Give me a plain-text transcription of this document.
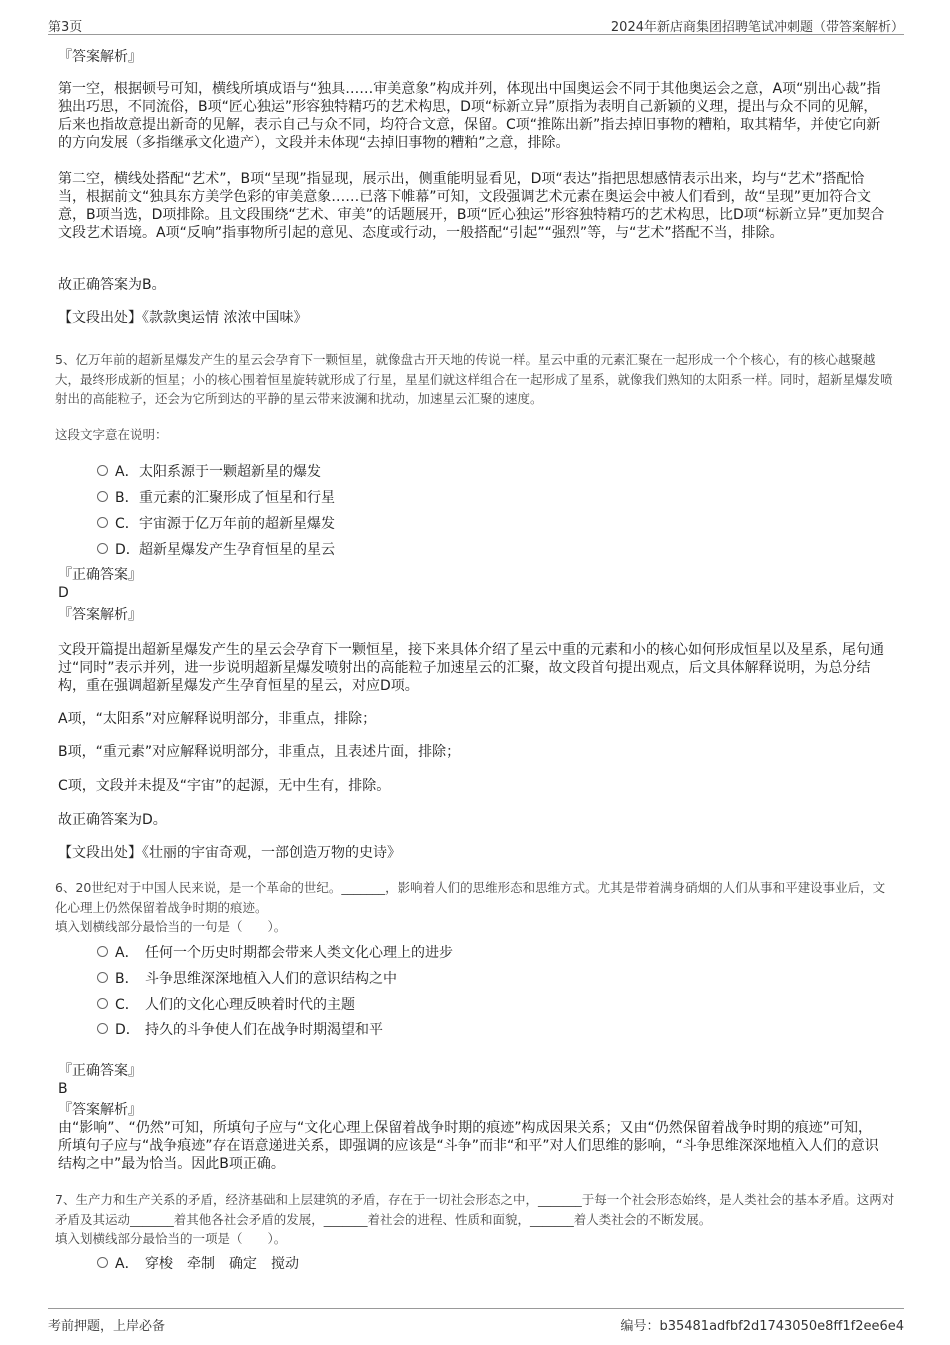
第3页	2024年新店商集团招聘笔试冲刺题（带答案解析）
『答案解析』
第一空，根据顿号可知，横线所填成语与“独具……审美意象”构成并列，体现出中国奥运会不同于其他奥运会之意，A项“别出心裁”指独出巧思，不同流俗，B项“匠心独运”形容独特精巧的艺术构思，D项“标新立异”原指为表明自己新颖的义理，提出与众不同的见解，后来也指故意提出新奇的见解，表示自己与众不同，均符合文意，保留。C项“推陈出新”指去掉旧事物的糟粕，取其精华，并使它向新的方向发展（多指继承文化遗产），文段并未体现“去掉旧事物的糟粕”之意，排除。
第二空，横线处搭配“艺术”，B项“呈现”指显现，展示出，侧重能明显看见，D项“表达”指把思想感情表示出来，均与“艺术”搭配恰当，根据前文“独具东方美学色彩的审美意象……已落下帷幕”可知，文段强调艺术元素在奥运会中被人们看到，故“呈现”更加符合文意，B项当选，D项排除。且文段围绕“艺术、审美”的话题展开，B项“匠心独运”形容独特精巧的艺术构思，比D项“标新立异”更加契合文段艺术语境。A项“反响”指事物所引起的意见、态度或行动，一般搭配“引起”“强烈”等，与“艺术”搭配不当，排除。
故正确答案为B。
【文段出处】《款款奥运情 浓浓中国味》
5、亿万年前的超新星爆发产生的星云会孕育下一颗恒星，就像盘古开天地的传说一样。星云中重的元素汇聚在一起形成一个个核心，有的核心越聚越大，最终形成新的恒星；小的核心围着恒星旋转就形成了行星，星星们就这样组合在一起形成了星系，就像我们熟知的太阳系一样。同时，超新星爆发喷射出的高能粒子，还会为它所到达的平静的星云带来波澜和扰动，加速星云汇聚的速度。
这段文字意在说明：
A． 太阳系源于一颗超新星的爆发
B． 重元素的汇聚形成了恒星和行星
C． 宇宙源于亿万年前的超新星爆发
D． 超新星爆发产生孕育恒星的星云
『正确答案』
D
『答案解析』
文段开篇提出超新星爆发产生的星云会孕育下一颗恒星，接下来具体介绍了星云中重的元素和小的核心如何形成恒星以及星系，尾句通过“同时”表示并列，进一步说明超新星爆发喷射出的高能粒子加速星云的汇聚，故文段首句提出观点，后文具体解释说明，为总分结构，重在强调超新星爆发产生孕育恒星的星云，对应D项。
A项，“太阳系”对应解释说明部分，非重点，排除；
B项，“重元素”对应解释说明部分，非重点，且表述片面，排除；
C项，文段并未提及“宇宙”的起源，无中生有，排除。
故正确答案为D。
【文段出处】《壮丽的宇宙奇观，一部创造万物的史诗》
6、20世纪对于中国人民来说，是一个革命的世纪。_______，影响着人们的思维形态和思维方式。尤其是带着满身硝烟的人们从事和平建设事业后，文化心理上仍然保留着战争时期的痕迹。
填入划横线部分最恰当的一句是（　　）。
A． 任何一个历史时期都会带来人类文化心理上的进步
B． 斗争思维深深地植入人们的意识结构之中
C． 人们的文化心理反映着时代的主题
D． 持久的斗争使人们在战争时期渴望和平
『正确答案』
B
『答案解析』
由“影响”、“仍然”可知，所填句子应与“文化心理上保留着战争时期的痕迹”构成因果关系；又由“仍然保留着战争时期的痕迹”可知，所填句子应与“战争痕迹”存在语意递进关系，即强调的应该是“斗争”而非“和平”对人们思维的影响，“斗争思维深深地植入人们的意识结构之中”最为恰当。因此B项正确。
7、生产力和生产关系的矛盾，经济基础和上层建筑的矛盾，存在于一切社会形态之中，_______于每一个社会形态始终，是人类社会的基本矛盾。这两对矛盾及其运动_______着其他各社会矛盾的发展，_______着社会的进程、性质和面貌，_______着人类社会的不断发展。
填入划横线部分最恰当的一项是（　　）。
A． 穿梭　牵制　确定　搅动
考前押题，上岸必备	编号：b35481adfbf2d1743050e8ff1f2ee6e4
